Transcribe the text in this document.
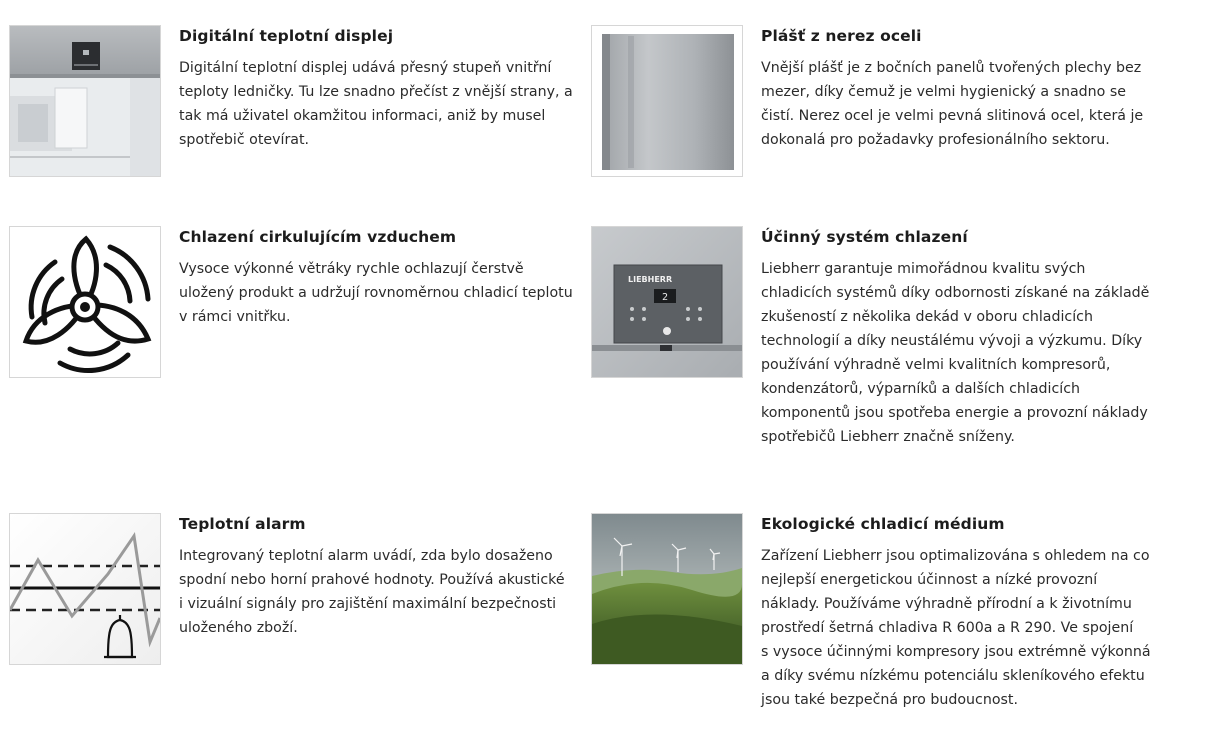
Digitální teplotní displej

Digitální teplotní displej udává přesný stupeň vnitřní
teploty ledničky. Tu lze snadno přečíst z vnější strany, a
tak má uživatel okamžitou informaci, aniž by musel
spotřebič otevírat.

Plášť z nerez oceli

Vnější plášť je z bočních panelů tvořených plechy bez
mezer, díky čemuž je velmi hygienický a snadno se
čistí. Nerez ocel je velmi pevná slitinová ocel, která je
dokonalá pro požadavky profesionálního sektoru.

Chlazení cirkulujícím vzduchem

Vysoce výkonné větráky rychle ochlazují čerstvě
uložený produkt a udržují rovnoměrnou chladicí teplotu
v rámci vnitřku.

LIEBHERR
2
Účinný systém chlazení

Liebherr garantuje mimořádnou kvalitu svých
chladicích systémů díky odbornosti získané na základě
zkušeností z několika dekád v oboru chladicích
technologií a díky neustálému vývoji a výzkumu. Díky
používání výhradně velmi kvalitních kompresorů,
kondenzátorů, výparníků a dalších chladicích
komponentů jsou spotřeba energie a provozní náklady
spotřebičů Liebherr značně sníženy.

Teplotní alarm

Integrovaný teplotní alarm uvádí, zda bylo dosaženo
spodní nebo horní prahové hodnoty. Používá akustické
i vizuální signály pro zajištění maximální bezpečnosti
uloženého zboží.

Ekologické chladicí médium

Zařízení Liebherr jsou optimalizována s ohledem na co
nejlepší energetickou účinnost a nízké provozní
náklady. Používáme výhradně přírodní a k životnímu
prostředí šetrná chladiva R 600a a R 290. Ve spojení
s vysoce účinnými kompresory jsou extrémně výkonná
a díky svému nízkému potenciálu skleníkového efektu
jsou také bezpečná pro budoucnost.
